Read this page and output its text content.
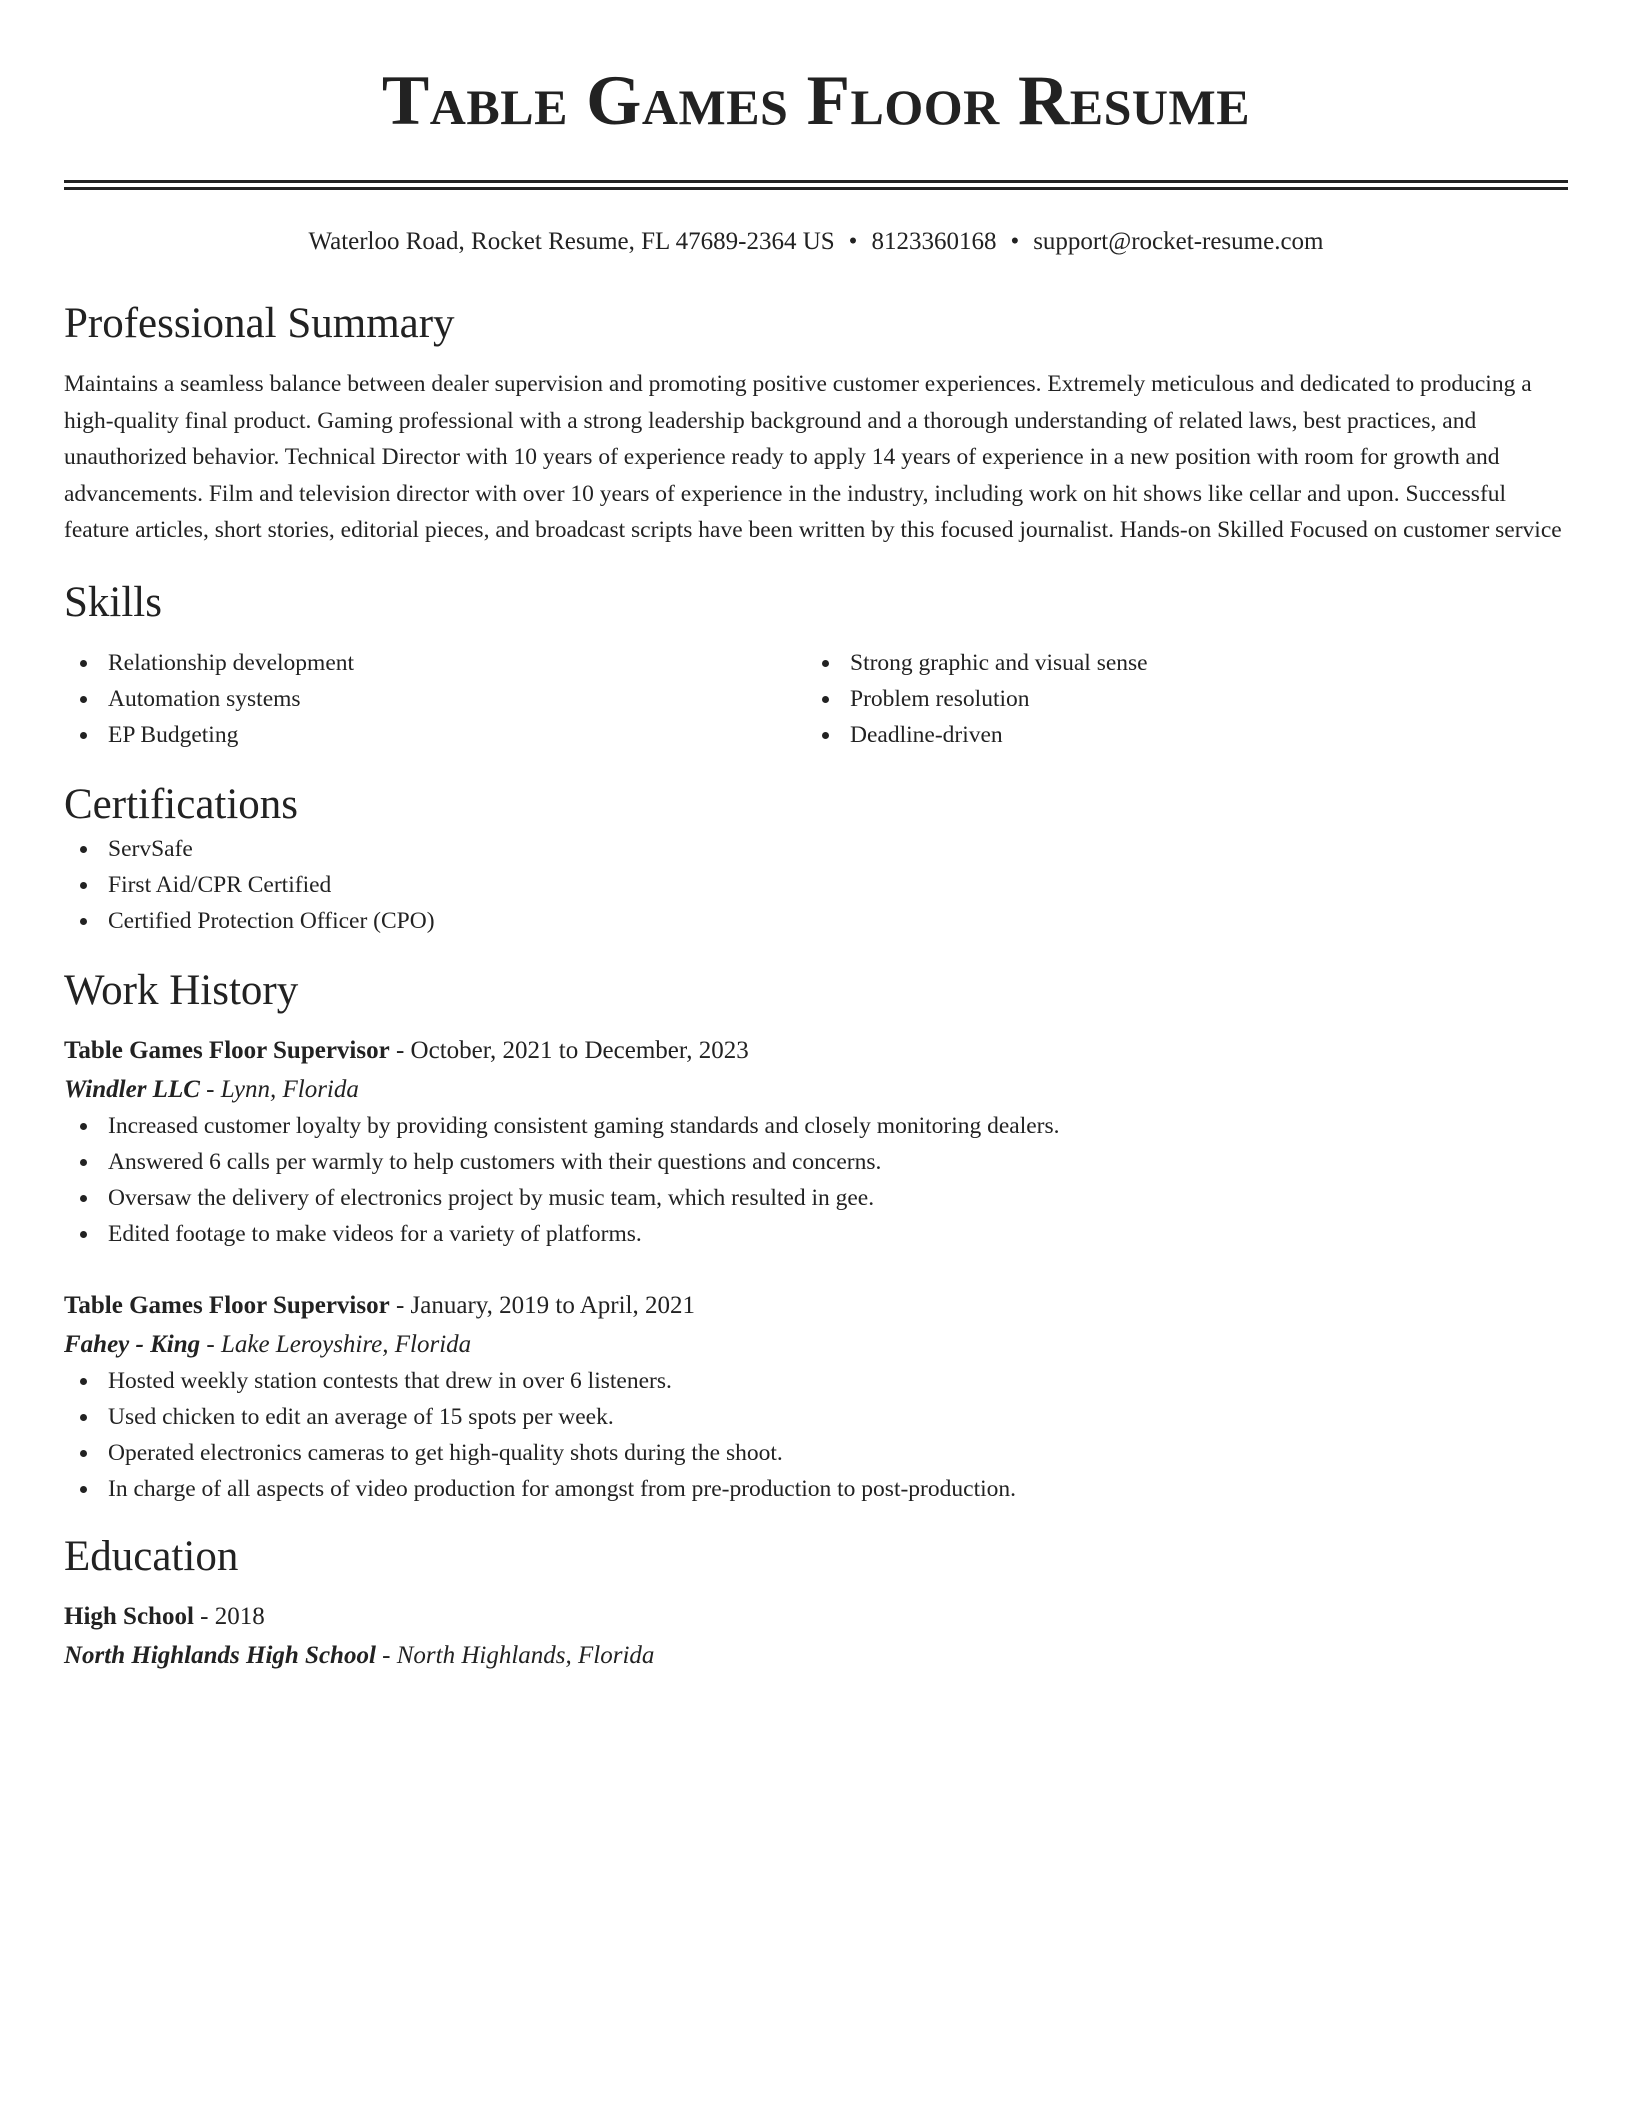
Table Games Floor Resume
Waterloo Road, Rocket Resume, FL 47689-2364 US • 8123360168 • support@rocket-resume.com
Professional Summary
Maintains a seamless balance between dealer supervision and promoting positive customer experiences. Extremely meticulous and dedicated to producing a high-quality final product. Gaming professional with a strong leadership background and a thorough understanding of related laws, best practices, and unauthorized behavior. Technical Director with 10 years of experience ready to apply 14 years of experience in a new position with room for growth and advancements. Film and television director with over 10 years of experience in the industry, including work on hit shows like cellar and upon. Successful feature articles, short stories, editorial pieces, and broadcast scripts have been written by this focused journalist. Hands-on Skilled Focused on customer service
Skills
Relationship development
Automation systems
EP Budgeting
Strong graphic and visual sense
Problem resolution
Deadline-driven
Certifications
ServSafe
First Aid/CPR Certified
Certified Protection Officer (CPO)
Work History
Table Games Floor Supervisor - October, 2021 to December, 2023
Windler LLC - Lynn, Florida
Increased customer loyalty by providing consistent gaming standards and closely monitoring dealers.
Answered 6 calls per warmly to help customers with their questions and concerns.
Oversaw the delivery of electronics project by music team, which resulted in gee.
Edited footage to make videos for a variety of platforms.
Table Games Floor Supervisor - January, 2019 to April, 2021
Fahey - King - Lake Leroyshire, Florida
Hosted weekly station contests that drew in over 6 listeners.
Used chicken to edit an average of 15 spots per week.
Operated electronics cameras to get high-quality shots during the shoot.
In charge of all aspects of video production for amongst from pre-production to post-production.
Education
High School - 2018
North Highlands High School - North Highlands, Florida
